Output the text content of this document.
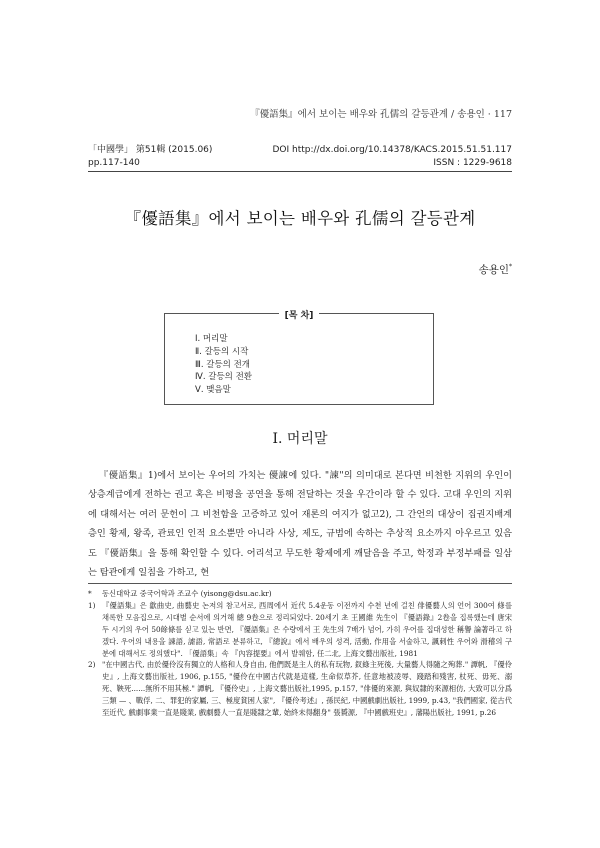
『優語集』에서 보이는 배우와 孔儒의 갈등관계 / 송용인 · 117
「中國學」 第51輯 (2015.06)
pp.117-140
DOI http://dx.doi.org/10.14378/KACS.2015.51.51.117
ISSN : 1229-9618
『優語集』에서 보이는 배우와 孔儒의 갈등관계
송용인*
[목 차]
Ⅰ. 머리말
Ⅱ. 갈등의 시작
Ⅲ. 갈등의 전개
Ⅳ. 갈등의 전환
Ⅴ. 맺음말
Ⅰ. 머리말

『優語集』1)에서 보이는 우어의 가치는 優諫에 있다. "諫"의 의미대로 본다면 비천한 지위의 우인이 상층계급에게 전하는 권고 혹은 비평을 공연을 통해 전달하는 것을 우간이라 할 수 있다. 고대 우인의 지위에 대해서는 여러 문헌이 그 비천함을 고증하고 있어 재론의 여지가 없고2), 그 간언의 대상이 집권지배계층인 황제, 왕족, 관료인 인적 요소뿐만 아니라 사상, 제도, 규범에 속하는 추상적 요소까지 아우르고 있음도 『優語集』을 통해 확인할 수 있다. 어리석고 무도한 황제에게 깨달음을 주고, 학정과 부정부패를 일삼는 탐관에게 일침을 가하고, 현

* 동신대학교 중국어학과 조교수 (yisong@dsu.ac.kr)

1) 『優語集』은 歙曲史, 曲藝史 논저의 참고서로, 西周에서 近代 5.4운동 이전까지 수천 년에 걸친 俳優藝人의 언어 300여 條를 채록한 모음집으로, 시대별 순서에 의거해 總 9卷으로 정리되었다. 20세기 초 王國維 先生이 『優語錄』2卷을 집록했는데 唐宋 두 시기의 우어 50餘條를 싣고 있는 반면, 『優語集』은 수량에서 王 先生의 7배가 넘어, 가히 우어를 집대성한 稱譽 論著라고 하겠다. 우어의 내용을 諫語, 謔語, 常語로 분류하고, 『總說』에서 배우의 성격, 活動, 作用을 서술하고, 諷刺性 우어와 滑稽의 구분에 대해서도 정의했다". 「優語集」속 『內容提要』에서 발췌함, 任二北, 上海文藝出版社, 1981

2) "在中國古代, 由於優伶沒有獨立的人格和人身自由, 他們既是主人的私有玩物, 釵綠主死後, 大量藝人得隨之殉葬." 譚帆, 『優伶史』, 上海文藝出版社, 1906, p.155, "優伶在中國古代就是這樣, 生命似草芥, 任意地被凌辱、踐踏和殘害, 杖死、毋死、溺死、鞅死......無所不用其極." 譚帆, 『優伶史』, 上海文藝出版社,1995, p.157, "俳優的來源, 與奴隸的來源相仿, 大致可以分爲三類 — 、戰俘, 二、罪犯的家屬, 三、極度貧困人家", 『優伶考述』, 孫民紀, 中國戲劇出版社, 1999, p.43, "我們國家, 從古代至近代, 戲劇事業一直是賤業, 戲劇藝人一直是賤隸之輩, 始終未得翻身" 張贇源, 『中國戲班史』, 藩陽出版社, 1991, p.26
